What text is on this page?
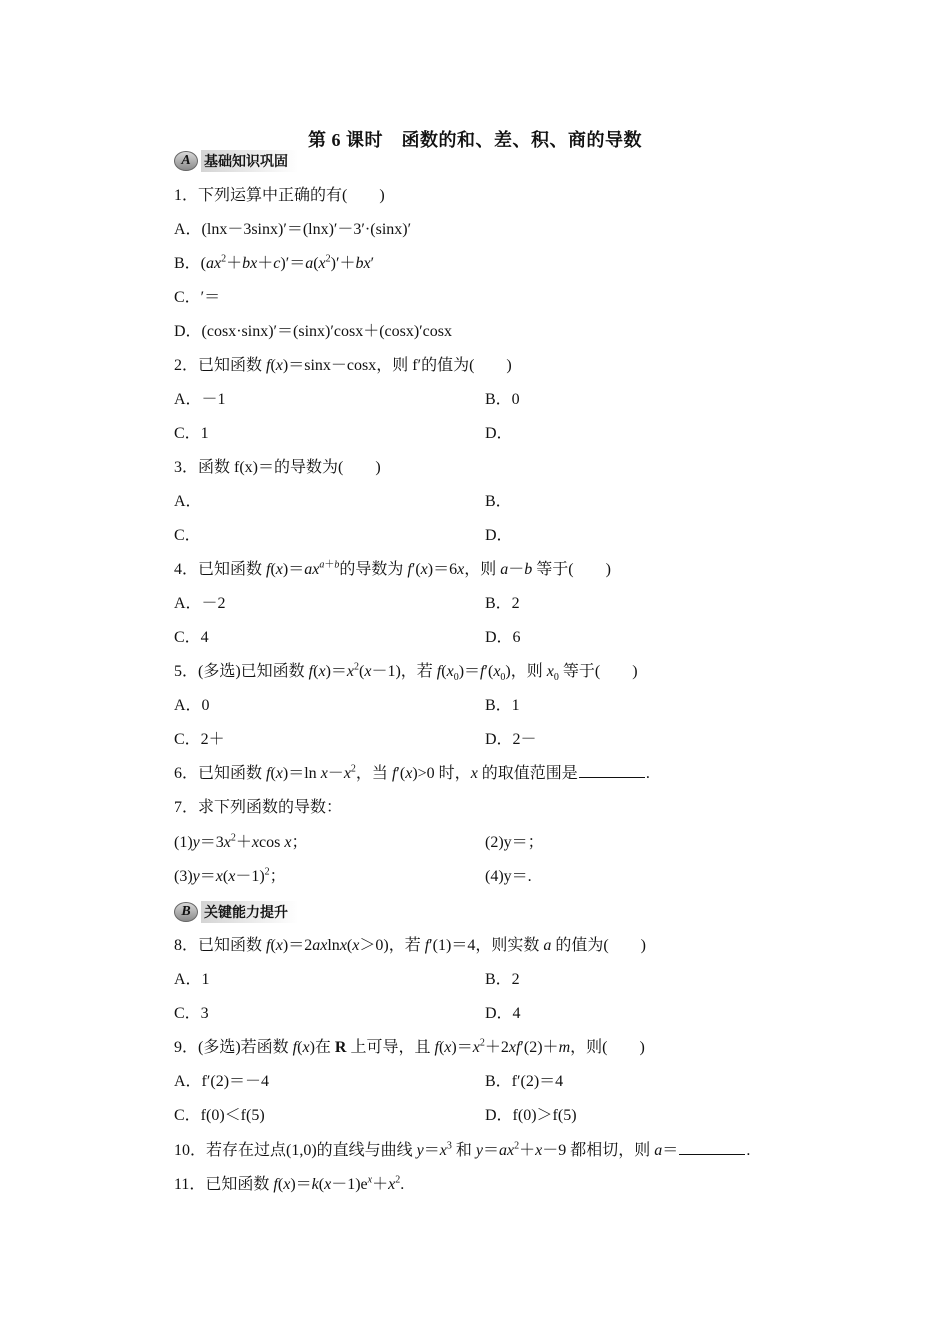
第 6 课时　函数的和、差、积、商的导数
A 基础知识巩固
1．下列运算中正确的有(　　)
A．(lnx－3sinx)′＝(lnx)′－3′·(sinx)′
B．$(ax^2+bx+c)'=a(x^2)'+bx'$
C．′＝
D．(cosx·sinx)′＝(sinx)′cosx＋(cosx)′cosx
2．已知函数 f(x)＝sinx－cosx，则 f′的值为(　　)
A．－1	B．0
C．1	D．
3．函数 f(x)＝的导数为(　　)
A．	B．
C．	D．
4．已知函数 $f(x)=ax^{a+b}$的导数为 f′(x)＝6x，则 a－b 等于(　　)
A．－2	B．2
C．4	D．6
5．(多选)已知函数 $f(x)=x^2(x-1)$，若 $f(x_0)=f'(x_0)$，则 $x_0$ 等于(　　)
A．0	B．1
C．2＋	D．2－
6．已知函数 f(x)＝ln $x-x^2$，当 f′(x)>0 时，x 的取值范围是	.
7．求下列函数的导数：
$(1)y=3x^2+xcos$ x；	(2)y＝；
$(3)y=x(x-1)^2$；	(4)y＝.
B 关键能力提升
8．已知函数 f(x)＝2axlnx(x＞0)，若 f′(1)＝4，则实数 a 的值为(　　)
A．1	B．2
C．3	D．4
9．(多选)若函数 f(x)在 R 上可导，且 $f(x)=x^2+2xf'(2)+m$，则(　　)
A．f′(2)＝－4	B．f′(2)＝4
C．f(0)＜f(5)	D．f(0)＞f(5)
10．若存在过点(1,0)的直线与曲线 $y=x^3$ 和 $y=ax^2+x-9$ 都相切，则 a＝	.
11．已知函数 $f(x)=k(x-1)e^x+x^2$.
